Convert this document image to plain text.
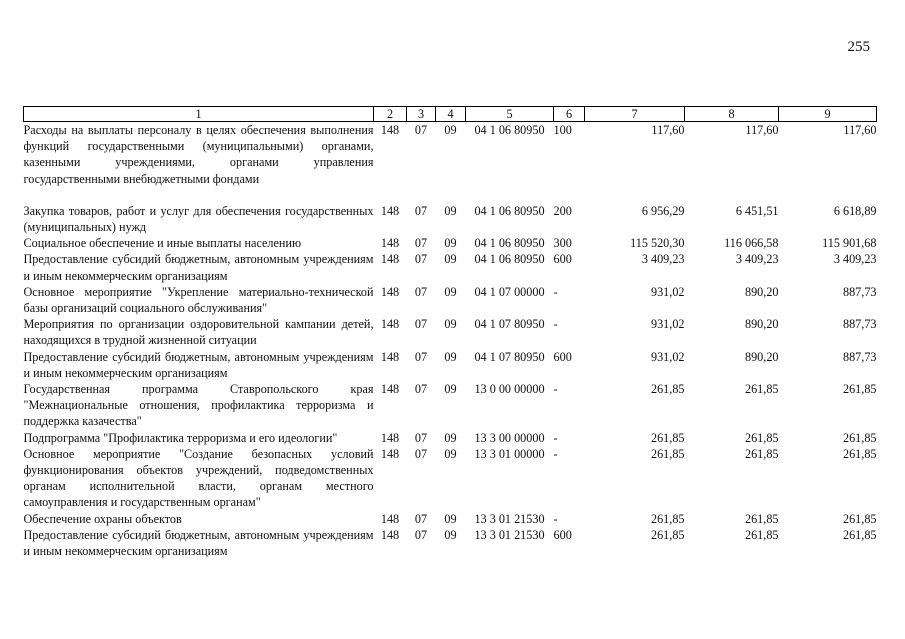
255
1	2	3	4	5	6	7	8	9
Расходы на выплаты персоналу в целях обеспечения выполнения функций государственными (муниципальными) органами, казенными учреждениями, органами управления государственными внебюджетными фондами	148	07	09	04 1 06 80950	100	117,60	117,60	117,60
Закупка товаров, работ и услуг для обеспечения государственных (муниципальных) нужд	148	07	09	04 1 06 80950	200	6 956,29	6 451,51	6 618,89
Социальное обеспечение и иные выплаты населению	148	07	09	04 1 06 80950	300	115 520,30	116 066,58	115 901,68
Предоставление субсидий бюджетным, автономным учреждениям и иным некоммерческим организациям	148	07	09	04 1 06 80950	600	3 409,23	3 409,23	3 409,23
Основное мероприятие "Укрепление материально-технической базы организаций социального обслуживания"	148	07	09	04 1 07 00000	-	931,02	890,20	887,73
Мероприятия по организации оздоровительной кампании детей, находящихся в трудной жизненной ситуации	148	07	09	04 1 07 80950	-	931,02	890,20	887,73
Предоставление субсидий бюджетным, автономным учреждениям и иным некоммерческим организациям	148	07	09	04 1 07 80950	600	931,02	890,20	887,73
Государственная программа Ставропольского края "Межнациональные отношения, профилактика терроризма и поддержка казачества"	148	07	09	13 0 00 00000	-	261,85	261,85	261,85
Подпрограмма "Профилактика терроризма и его идеологии"	148	07	09	13 3 00 00000	-	261,85	261,85	261,85
Основное мероприятие "Создание безопасных условий функционирования объектов учреждений, подведомственных органам исполнительной власти, органам местного самоуправления и государственным органам"	148	07	09	13 3 01 00000	-	261,85	261,85	261,85
Обеспечение охраны объектов	148	07	09	13 3 01 21530	-	261,85	261,85	261,85
Предоставление субсидий бюджетным, автономным учреждениям и иным некоммерческим организациям	148	07	09	13 3 01 21530	600	261,85	261,85	261,85
